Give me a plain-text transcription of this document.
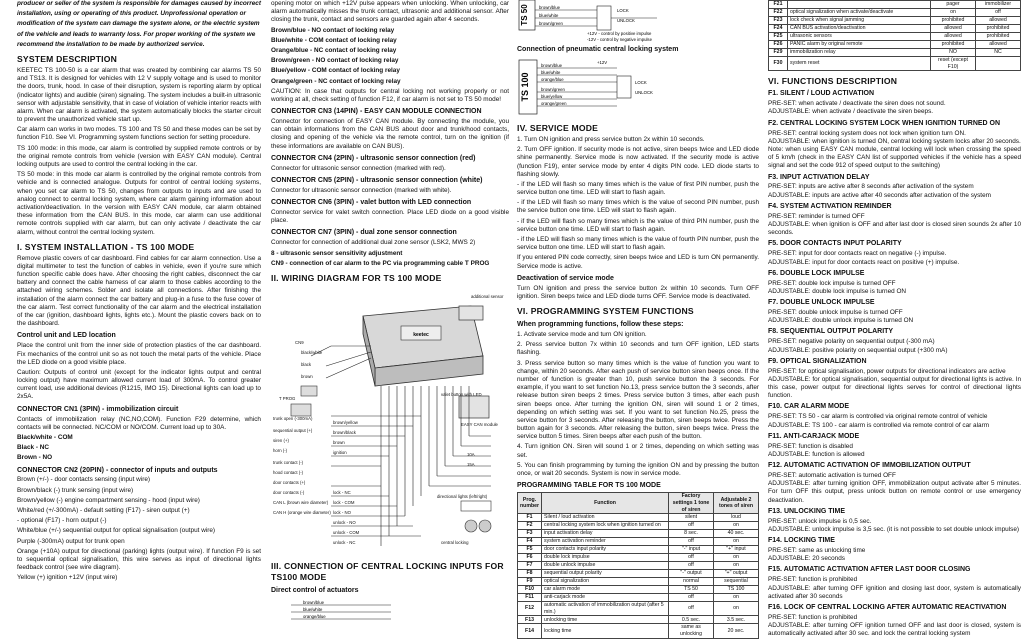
producer or seller of the system is responsible for damages caused by incorrect

installation, using or operating of this product. Unprofessional operation or

modification of the system can damage the system alone, or the electric system

of the vehicle and leads to warranty loss. For proper working of the system we

recommend the installation to be made by authorized service.

SYSTEM DESCRIPTION

KEETEC TS 100-50 is a car alarm that was created by combining car alarms TS 50 and TS13. It is designed for vehicles with 12 V supply voltage and is used to monitor the doors, trunk, hood. In case of their disruption, system is reporting alarm by optical (indicator lights) and audible (siren) signaling. The system includes a built-in ultrasonic sensor with adjustable sensitivity, that in case of violation of vehicle interior reacts with alarm. When car alarm is activated, the system automatically blocks the starter circuit to prevent the unauthorized vehicle start up.

Car alarm can works in two modes. TS 100 and TS 50 and these modes can be set by function F10. See VI. Programming system functions section for setting procedure.

TS 100 mode: in this mode, car alarm is controlled by supplied remote controls or by the original remote controls from vehicle (version with EASY CAN module). Central locking outputs are used to control the central locking in the car.

TS 50 mode: in this mode car alarm is controlled by the original remote controls from vehicle and is connected analogue. Outputs for control of central locking systems, when you set car alarm to TS 50, changes from outputs to inputs and are used to analog connect to central locking system, where car alarm gaining information about activation/deactivation. In the version with EASY CAN module, car alarm obtained these information from the CAN BUS. In this mode, car alarm can use additional remote controls supplied with car alarm, but can only activate / deactivate the car alarm, without control the central locking system.

I. SYSTEM INSTALLATION - TS 100 MODE

Remove plastic covers of car dashboard. Find cables for car alarm connection. Use a digital multimeter to test the function of cables in vehicle, even if you're sure which function specific cable does have. After choosing the right cables, disconnect the car battery and connect the cable harness of car alarm to those cables according to the attached wiring schemes. Solder and isolate all connections. After finishing the installation of the alarm connect the car battery and plug-in a fuse to the fuse cover of the car alarm. Test correct functionality of the car alarm and the electrical installation of the car (ignition, dashboard lights, lights etc.). Mount the plastic covers back on to the dashboard.

Control unit and LED location

Place the control unit from the inner side of protection plastics of the car dashboard. Fix mechanics of the control unit so as not touch the metal parts of the vehicle. Place the LED diode on a good visible place.

Caution: Outputs of control unit (except for the indicator lights output and central locking output) have maximum allowed current load of 300mA. To control greater current load, use additional devices (R1215, IMO 15). Directional lights can load up to 2x5A.

CONNECTOR CN1 (3PIN) - immobilization circuit

Contacts of immobilization relay (NC,NO,COM). Function F29 determine, which contacts will be connected. NC/COM or NO/COM. Current load up to 30A.

Black/white - COM

Black - NC

Brown - NO

CONNECTOR CN2 (20PIN) - connector of inputs and outputs

Brown (+/-) - door contacts sensing (input wire)

Brown/black (-) trunk sensing (input wire)

Brown/yellow (-) engine compartment sensing - hood (input wire)

White/red (+/-300mA) - default setting (F17) - siren output (+)

- optional (F17) - horn output (-)

White/blue (+/-) sequential output for optical signalisation (output wire)

Purple (-300mA) output for trunk open

Orange (+10A) output for directional (parking) lights (output wire). If function F9 is set to sequential optical signalisation, this wire serves as input of directional lights feedback control (see wire diagram).

Yellow (+) ignition +12V (input wire)

opening motor on which +12V pulse appears when unlocking. When unlocking, car alarm automatically misses the trunk contact, ultrasonic and additional sensor. After closing the trunk, contact and sensors are guarded again after 4 seconds.

Brown/blue - NO contact of locking relay

Blue/white - COM contact of locking relay

Orange/blue - NC contact of locking relay

Brown/green - NO contact of locking relay

Blue/yellow - COM contact of locking relay

Orange/green - NC contact of locking relay

CAUTION: In case that outputs for central locking not working properly or not working at all, check setting of function F12, if car alarm is not set to TS 50 mode!

CONNECTOR CN3 (14PIN) - EASY CAN MODULE CONNECTION

Connector for connection of EASY CAN module. By connecting the module, you can obtain informations from the CAN BUS about door and trunk/hood contacts, closing and opening of the vehicle via the remote control, turn on the ignition (if these informations are available on CAN BUS).

CONNECTOR CN4 (2PIN) - ultrasonic sensor connection (red)

Connector for ultrasonic sensor connection (marked with red).

CONNECTOR CN5 (2PIN) - ultrasonic sensor connection (white)

Connector for ultrasonic sensor connection (marked with white).

CONNECTOR CN6 (3PIN) - valet button with LED connection

Connector service for valet switch connection. Place LED diode on a good visible place.

CONNECTOR CN7 (3PIN) - dual zone sensor connection

Connector for connection of additional dual zone sensor (LSK2, MWS 2)

8 - ultrasonic sensor sensitivity adjustment

CN9 - connection of car alarm to the PC via programming cable T PROG

II. WIRING DIAGRAM FOR TS 100 MODE
keetec
CN9
black/white
black
brown
T PROG
trunk open (-300mA)
sequential output (+)
siren (+)
horn (-)
brown/yellow
brown/black
brown
ignition
trunk contact (-)
hood contact (-)
door contacts (+)
door contacts (-)
CAN L (brown wire diameter)
CAN H (orange wire diameter)
lock - NC
lock - COM
lock - NO
unlock - NO
unlock - COM
unlock - NC
additional sensor
EASY CAN module
valet button with LED
10A
15A
directional lights (left/right)
central locking
III. CONNECTION OF CENTRAL LOCKING INPUTS FOR TS100 MODE
Direct control of actuators
brown/blue
blue/white
orange/blue
TS 50 brown/blue
blue/white
brown/green
LOCK
UNLOCK
+12V - control by positive impulse
-12V - control by negative impulse
Connection of pneumatic central locking system
TS 100
brown/blue
blue/white
orange/blue
brown/green
blue/yellow
orange/green
+12V
LOCK
UNLOCK
IV. SERVICE MODE

1. Turn ON ignition and press service button 2x within 10 seconds.

2. Turn OFF ignition. If security mode is not active, siren beeps twice and LED diode shine permanently. Service mode is now activated. If the security mode is active (function F19), enter service mode by enter 4 digits PIN code. LED diode starts to flashing slowly.

- if the LED will flash so many times which is the value of first PIN number, push the service button one time. LED will start to flash again.

- if the LED will flash so many times which is the value of second PIN number, push the service button one time. LED will start to flash again.

- if the LED will flash so many times which is the value of third PIN number, push the service button one time. LED will start to flash again.

- if the LED will flash so many times which is the value of fourth PIN number, push the service button one time. LED will start to flash again.

If you entered PIN code correctly, siren beeps twice and LED is turn ON permanently. Service mode is active.

Deactivation of service mode

Turn ON ignition and press the service button 2x within 10 seconds. Turn OFF ignition. Siren beeps twice and LED diode turns OFF. Service mode is deactivated.

VI. PROGRAMMING SYSTEM FUNCTIONS
When programming functions, follow these steps:

1. Activate service mode and turn ON ignition.

2. Press service button 7x within 10 seconds and turn OFF ignition, LED starts flashing.

3. Press service button so many times which is the value of function you want to change, within 20 seconds. After each push of service button siren beeps once. If the number of function is greater than 10, push service button the 3 seconds. For example, if you want to set function No.13, press service button the 3 seconds, after release button siren beeps 2 times. Press service button 3 times, after each push siren beeps once. After turning the ignition ON, siren will sound 1 or 2 times, depending on which setting was set. If you want to set function No.25, press the service button for 3 seconds. After releasing the button, siren beeps twice. Press the button again for 3 seconds. After releasing the button, siren beeps twice. Press the service button 5 times. Siren beeps after each push of the button.

4. Turn ignition ON. Siren will sound 1 or 2 times, depending on which setting was set.

5. You can finish programming by turning the ignition ON and by pressing the button once, or wait 20 seconds. System is now in service mode.

PROGRAMMING TABLE FOR TS 100 MODE
Prog. number	Function	Factory settings 1 tone of siren	Adjustable 2 tones of siren
F1	Silent / loud activation	silent	loud
F2	central locking system lock when ignition turned on	off	on
F3	input activation delay	8 sec.	40 sec.
F4	system activation reminder	off	on
F5	door contacts input polarity	"-" input	"+" input
F6	double lock impulse	off	on
F7	double unlock impulse	off	on
F8	sequential output polarity	"-" output	"+" output
F9	optical signalization	normal	sequential
F10	car alarm mode	TS 50	TS 100
F11	anti-carjack mode	off	on
F12	automatic activation of immobilization output (after 5 min.)	off	on
F13	unlocking time	0.5 sec.	3.5 sec.
F14	locking time	same as unlocking	20 sec.
F21		pager	immobilizer
F22	optical signalization when activate/deactivate	on	off
F23	lock check when signal jamming	prohibited	allowed
F24	CAN BUS activation/deactivation	allowed	prohibited
F25	ultrasonic sensors	allowed	prohibited
F26	PANIC alarm by original remote	prohibited	allowed
F29	immobilization relay	NO	NC
F30	system reset	reset (except F10)	
VI. FUNCTIONS DESCRIPTION
F1. SILENT / LOUD ACTIVATION

PRE-SET: when activate / deactivate the siren does not sound.

ADJUSTABLE: when activate / deactivate the siren beeps.

F2. CENTRAL LOCKING SYSTEM LOCK WHEN IGNITION TURNED ON

PRE-SET: central locking system does not lock when ignition turn ON.

ADJUSTABLE: when ignition is turned ON, central locking system locks after 20 seconds.

Note: when using EASY CAN module, central locking will lock when crossing the speed of 5 km/h (check in the EASY CAN list of supported vehicles if the vehicle has a speed signal and set the code 912 of speed output to the switching)

F3. INPUT ACTIVATION DELAY

PRE-SET: inputs are active after 8 seconds after activation of the system

ADJUSTABLE: inputs are active after 40 seconds after activation of the system

F4. SYSTEM ACTIVATION REMINDER

PRE-SET: reminder is turned OFF

ADJUSTABLE: when ignition is OFF and after last door is closed siren sounds 2x after 10 seconds.

F5. DOOR CONTACTS INPUT POLARITY

PRE-SET: input for door contacts react on negative (-) impulse.

ADJUSTABLE: input for door contacts react on positive (+) impulse.

F6. DOUBLE LOCK IMPULSE

PRE-SET: double lock impulse is turned OFF

ADJUSTABLE: double lock impulse is turned ON

F7. DOUBLE UNLOCK IMPULSE

PRE-SET: double unlock impulse is turned OFF

ADJUSTABLE: double unlock impulse is turned ON

F8. SEQUENTIAL OUTPUT POLARITY

PRE-SET: negative polarity on sequential output (-300 mA)

ADJUSTABLE: positive polarity on sequential output (+300 mA)

F9. OPTICAL SIGNALIZATION

PRE-SET: for optical signalisation, power outputs for directional indicators are active

ADJUSTABLE: for optical signalisation, sequential output for directional lights is active. In this case, power output for directional lights serves for control of directional lights function.

F10. CAR ALARM MODE

PRE-SET: TS 50 - car alarm is controlled via original remote control of vehicle

ADJUSTABLE: TS 100 - car alarm is controlled via remote control of car alarm

F11. ANTI-CARJACK MODE

PRE-SET: function is disabled

ADJUSTABLE: function is allowed

F12. AUTOMATIC ACTIVATION OF IMMOBILIZATION OUTPUT

PRE-SET: automatic activation is turned OFF

ADJUSTABLE: after turning ignition OFF, immobilization output activate after 5 minutes. For turn OFF this output, press unlock button on remote control or use emergency deactivation.

F13. UNLOCKING TIME

PRE-SET: unlock impulse is 0,5 sec.

ADJUSTABLE: unlock impulse is 3,5 sec. (it is not possible to set double unlock impulse)

F14. LOCKING TIME

PRE-SET: same as unlocking time

ADJUSTABLE: 20 seconds

F15. AUTOMATIC ACTIVATION AFTER LAST DOOR CLOSING

PRE-SET: function is prohibited

ADJUSTABLE: after turning OFF ignition and closing last door, system is automatically activated after 30 seconds

F16. LOCK OF CENTRAL LOCKING AFTER AUTOMATIC REACTIVATION

PRE-SET: function is prohibited

ADJUSTABLE: after turning OFF ignition turned OFF and last door is closed, system is automatically activated after 30 sec. and lock the central locking system
